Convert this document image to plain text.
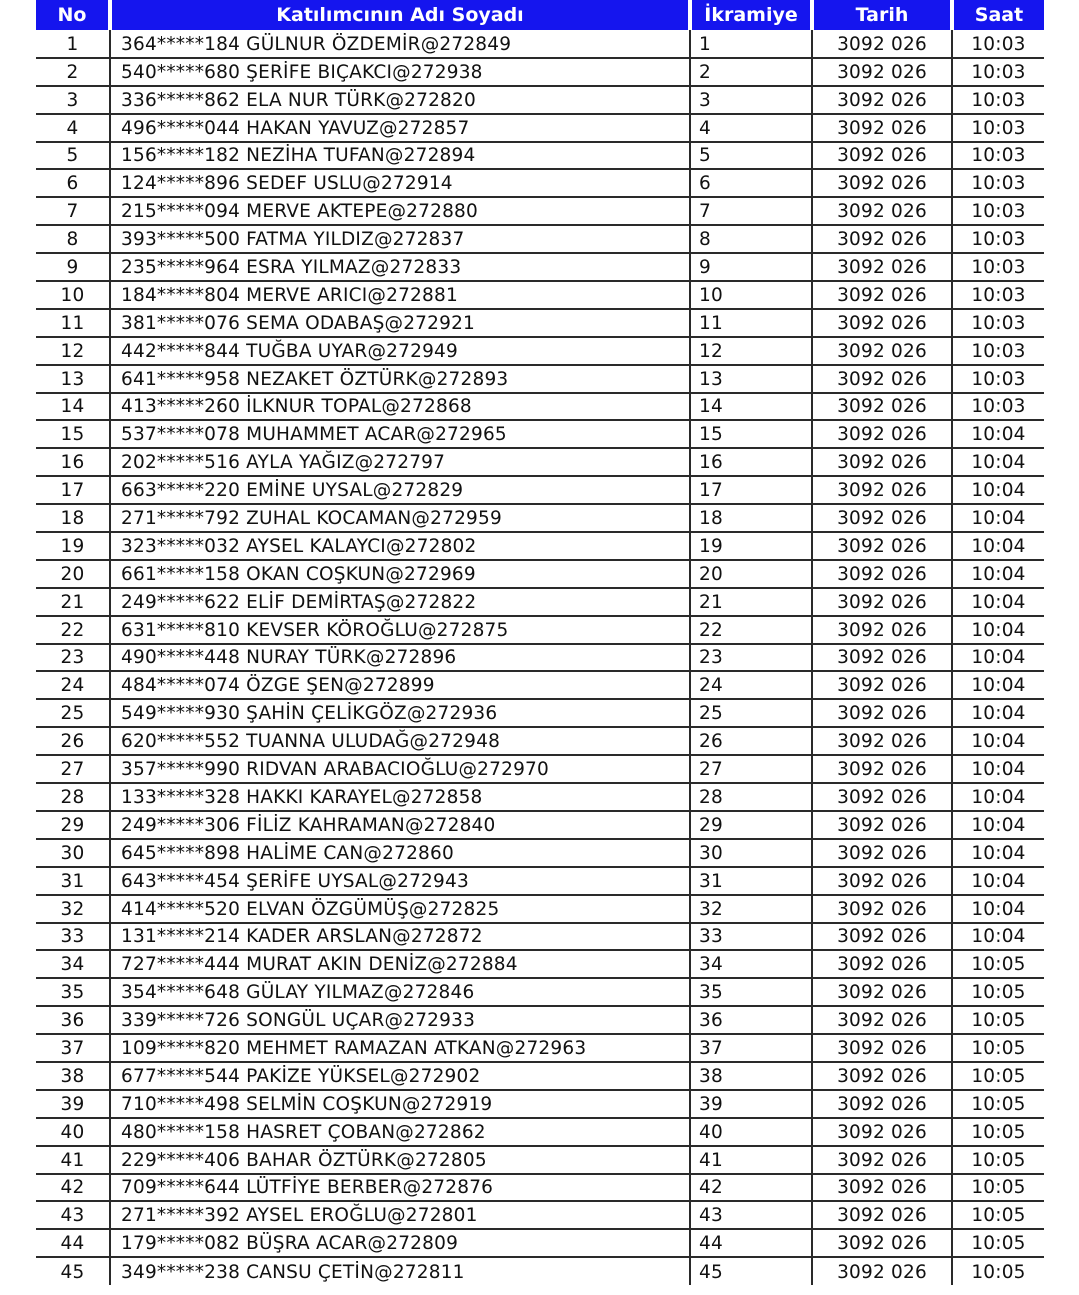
No	Katılımcının Adı Soyadı	İkramiye	Tarih	Saat
1	364*****184 GÜLNUR ÖZDEMİR@272849	1	3092 026	10:03
2	540*****680 ŞERİFE BIÇAKCI@272938	2	3092 026	10:03
3	336*****862 ELA NUR TÜRK@272820	3	3092 026	10:03
4	496*****044 HAKAN YAVUZ@272857	4	3092 026	10:03
5	156*****182 NEZİHA TUFAN@272894	5	3092 026	10:03
6	124*****896 SEDEF USLU@272914	6	3092 026	10:03
7	215*****094 MERVE AKTEPE@272880	7	3092 026	10:03
8	393*****500 FATMA YILDIZ@272837	8	3092 026	10:03
9	235*****964 ESRA YILMAZ@272833	9	3092 026	10:03
10	184*****804 MERVE ARICI@272881	10	3092 026	10:03
11	381*****076 SEMA ODABAŞ@272921	11	3092 026	10:03
12	442*****844 TUĞBA UYAR@272949	12	3092 026	10:03
13	641*****958 NEZAKET ÖZTÜRK@272893	13	3092 026	10:03
14	413*****260 İLKNUR TOPAL@272868	14	3092 026	10:03
15	537*****078 MUHAMMET ACAR@272965	15	3092 026	10:04
16	202*****516 AYLA YAĞIZ@272797	16	3092 026	10:04
17	663*****220 EMİNE UYSAL@272829	17	3092 026	10:04
18	271*****792 ZUHAL KOCAMAN@272959	18	3092 026	10:04
19	323*****032 AYSEL KALAYCI@272802	19	3092 026	10:04
20	661*****158 OKAN COŞKUN@272969	20	3092 026	10:04
21	249*****622 ELİF DEMİRTAŞ@272822	21	3092 026	10:04
22	631*****810 KEVSER KÖROĞLU@272875	22	3092 026	10:04
23	490*****448 NURAY TÜRK@272896	23	3092 026	10:04
24	484*****074 ÖZGE ŞEN@272899	24	3092 026	10:04
25	549*****930 ŞAHİN ÇELİKGÖZ@272936	25	3092 026	10:04
26	620*****552 TUANNA ULUDAĞ@272948	26	3092 026	10:04
27	357*****990 RIDVAN ARABACIOĞLU@272970	27	3092 026	10:04
28	133*****328 HAKKI KARAYEL@272858	28	3092 026	10:04
29	249*****306 FİLİZ KAHRAMAN@272840	29	3092 026	10:04
30	645*****898 HALİME CAN@272860	30	3092 026	10:04
31	643*****454 ŞERİFE UYSAL@272943	31	3092 026	10:04
32	414*****520 ELVAN ÖZGÜMÜŞ@272825	32	3092 026	10:04
33	131*****214 KADER ARSLAN@272872	33	3092 026	10:04
34	727*****444 MURAT AKIN DENİZ@272884	34	3092 026	10:05
35	354*****648 GÜLAY YILMAZ@272846	35	3092 026	10:05
36	339*****726 SONGÜL UÇAR@272933	36	3092 026	10:05
37	109*****820 MEHMET RAMAZAN ATKAN@272963	37	3092 026	10:05
38	677*****544 PAKİZE YÜKSEL@272902	38	3092 026	10:05
39	710*****498 SELMİN COŞKUN@272919	39	3092 026	10:05
40	480*****158 HASRET ÇOBAN@272862	40	3092 026	10:05
41	229*****406 BAHAR ÖZTÜRK@272805	41	3092 026	10:05
42	709*****644 LÜTFİYE BERBER@272876	42	3092 026	10:05
43	271*****392 AYSEL EROĞLU@272801	43	3092 026	10:05
44	179*****082 BÜŞRA ACAR@272809	44	3092 026	10:05
45	349*****238 CANSU ÇETİN@272811	45	3092 026	10:05
